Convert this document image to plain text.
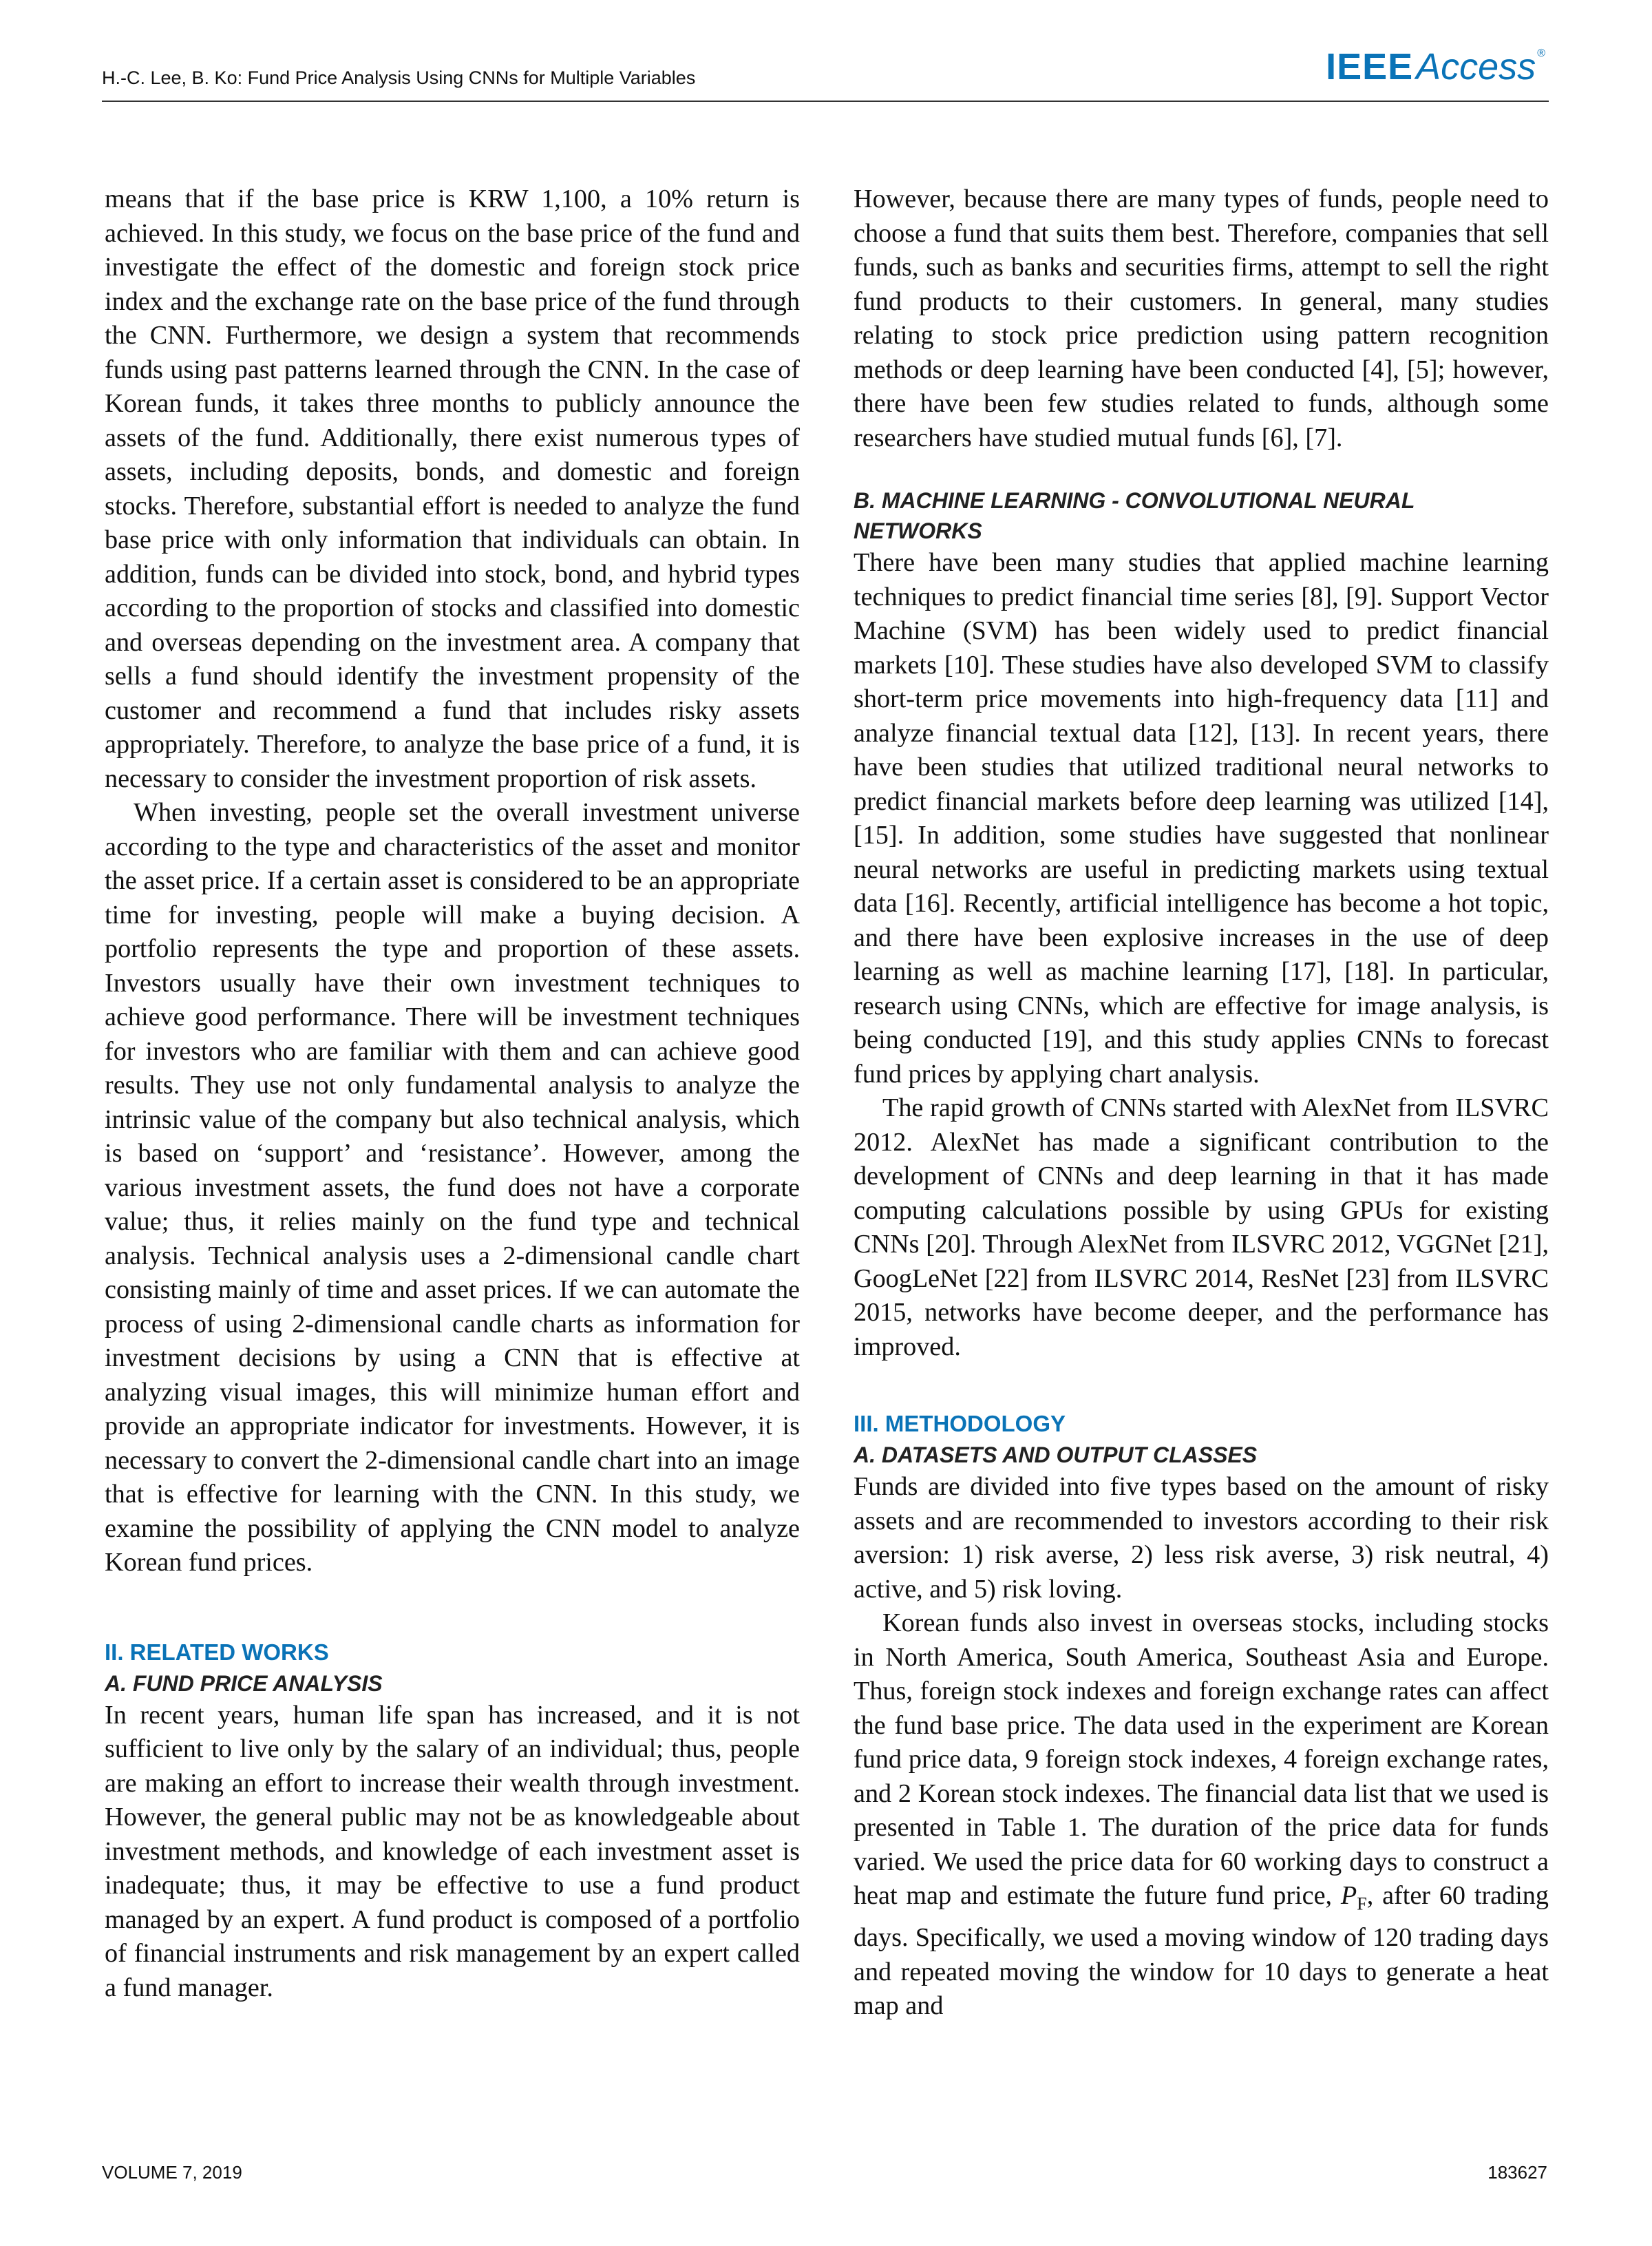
H.-C. Lee, B. Ko: Fund Price Analysis Using CNNs for Multiple Variables	IEEEAccess ®

means that if the base price is KRW 1,100, a 10% return is achieved. In this study, we focus on the base price of the fund and investigate the effect of the domestic and foreign stock price index and the exchange rate on the base price of the fund through the CNN. Furthermore, we design a system that recommends funds using past patterns learned through the CNN. In the case of Korean funds, it takes three months to publicly announce the assets of the fund. Additionally, there exist numerous types of assets, including deposits, bonds, and domestic and foreign stocks. Therefore, substantial effort is needed to analyze the fund base price with only information that individuals can obtain. In addition, funds can be divided into stock, bond, and hybrid types according to the proportion of stocks and classified into domestic and overseas depending on the investment area. A company that sells a fund should identify the investment propensity of the customer and recommend a fund that includes risky assets appropriately. Therefore, to analyze the base price of a fund, it is necessary to consider the investment proportion of risk assets.

When investing, people set the overall investment universe according to the type and characteristics of the asset and monitor the asset price. If a certain asset is considered to be an appropriate time for investing, people will make a buying decision. A portfolio represents the type and proportion of these assets. Investors usually have their own investment techniques to achieve good performance. There will be investment techniques for investors who are familiar with them and can achieve good results. They use not only fundamental analysis to analyze the intrinsic value of the company but also technical analysis, which is based on ‘support’ and ‘resistance’. However, among the various investment assets, the fund does not have a corporate value; thus, it relies mainly on the fund type and technical analysis. Technical analysis uses a 2-dimensional candle chart consisting mainly of time and asset prices. If we can automate the process of using 2-dimensional candle charts as information for investment decisions by using a CNN that is effective at analyzing visual images, this will minimize human effort and provide an appropriate indicator for investments. However, it is necessary to convert the 2-dimensional candle chart into an image that is effective for learning with the CNN. In this study, we examine the possibility of applying the CNN model to analyze Korean fund prices.

II. RELATED WORKS
A. FUND PRICE ANALYSIS

In recent years, human life span has increased, and it is not sufficient to live only by the salary of an individual; thus, people are making an effort to increase their wealth through investment. However, the general public may not be as knowledgeable about investment methods, and knowledge of each investment asset is inadequate; thus, it may be effective to use a fund product managed by an expert. A fund product is composed of a portfolio of financial instruments and risk management by an expert called a fund manager.

However, because there are many types of funds, people need to choose a fund that suits them best. Therefore, companies that sell funds, such as banks and securities firms, attempt to sell the right fund products to their customers. In general, many studies relating to stock price prediction using pattern recognition methods or deep learning have been conducted [4], [5]; however, there have been few studies related to funds, although some researchers have studied mutual funds [6], [7].

B. MACHINE LEARNING - CONVOLUTIONAL NEURAL NETWORKS

There have been many studies that applied machine learning techniques to predict financial time series [8], [9]. Support Vector Machine (SVM) has been widely used to predict financial markets [10]. These studies have also developed SVM to classify short-term price movements into high-frequency data [11] and analyze financial textual data [12], [13]. In recent years, there have been studies that utilized traditional neural networks to predict financial markets before deep learning was utilized [14], [15]. In addition, some studies have suggested that nonlinear neural networks are useful in predicting markets using textual data [16]. Recently, artificial intelligence has become a hot topic, and there have been explosive increases in the use of deep learning as well as machine learning [17], [18]. In particular, research using CNNs, which are effective for image analysis, is being conducted [19], and this study applies CNNs to forecast fund prices by applying chart analysis.

The rapid growth of CNNs started with AlexNet from ILSVRC 2012. AlexNet has made a significant contribution to the development of CNNs and deep learning in that it has made computing calculations possible by using GPUs for existing CNNs [20]. Through AlexNet from ILSVRC 2012, VGGNet [21], GoogLeNet [22] from ILSVRC 2014, ResNet [23] from ILSVRC 2015, networks have become deeper, and the performance has improved.

III. METHODOLOGY
A. DATASETS AND OUTPUT CLASSES

Funds are divided into five types based on the amount of risky assets and are recommended to investors according to their risk aversion: 1) risk averse, 2) less risk averse, 3) risk neutral, 4) active, and 5) risk loving.

Korean funds also invest in overseas stocks, including stocks in North America, South America, Southeast Asia and Europe. Thus, foreign stock indexes and foreign exchange rates can affect the fund base price. The data used in the experiment are Korean fund price data, 9 foreign stock indexes, 4 foreign exchange rates, and 2 Korean stock indexes. The financial data list that we used is presented in Table 1. The duration of the price data for funds varied. We used the price data for 60 working days to construct a heat map and estimate the future fund price, $P_F$, after 60 trading days. Specifically, we used a moving window of 120 trading days and repeated moving the window for 10 days to generate a heat map and

VOLUME 7, 2019	183627
